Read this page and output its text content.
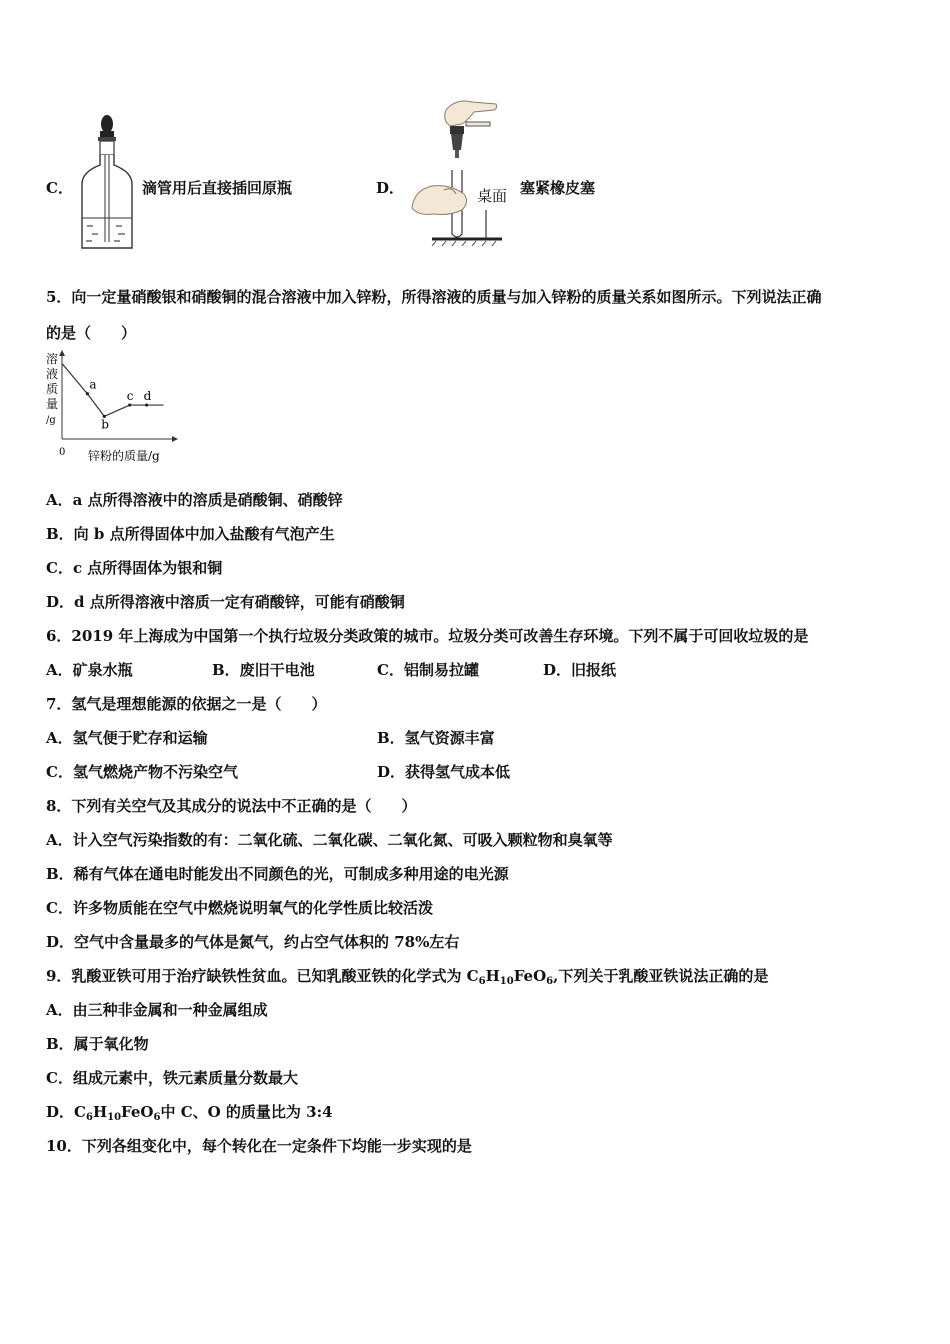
C．	滴管用后直接插回原瓶	D．	桌面 塞紧橡皮塞
5．向一定量硝酸银和硝酸铜的混合溶液中加入锌粉，所得溶液的质量与加入锌粉的质量关系如图所示。下列说法正确
的是（　　）
溶
液
质
量
/g
0 锌粉的质量/g
a
b
c d
A．a 点所得溶液中的溶质是硝酸铜、硝酸锌
B．向 b 点所得固体中加入盐酸有气泡产生
C．c 点所得固体为银和铜
D．d 点所得溶液中溶质一定有硝酸锌，可能有硝酸铜
6．2019 年上海成为中国第一个执行垃圾分类政策的城市。垃圾分类可改善生存环境。下列不属于可回收垃圾的是
A．矿泉水瓶	B．废旧干电池	C．铝制易拉罐	D．旧报纸
7．氢气是理想能源的依据之一是（　　）
A．氢气便于贮存和运输	B．氢气资源丰富
C．氢气燃烧产物不污染空气	D．获得氢气成本低
8．下列有关空气及其成分的说法中不正确的是（　　）
A．计入空气污染指数的有：二氧化硫、二氧化碳、二氧化氮、可吸入颗粒物和臭氧等
B．稀有气体在通电时能发出不同颜色的光，可制成多种用途的电光源
C．许多物质能在空气中燃烧说明氧气的化学性质比较活泼
D．空气中含量最多的气体是氮气，约占空气体积的 78%左右
9．乳酸亚铁可用于治疗缺铁性贫血。已知乳酸亚铁的化学式为 $C_6H_{10}FeO_6$,下列关于乳酸亚铁说法正确的是
A．由三种非金属和一种金属组成
B．属于氧化物
C．组成元素中，铁元素质量分数最大
D．$C_6H_{10}FeO_6$中 C、O 的质量比为 3:4
10．下列各组变化中，每个转化在一定条件下均能一步实现的是
